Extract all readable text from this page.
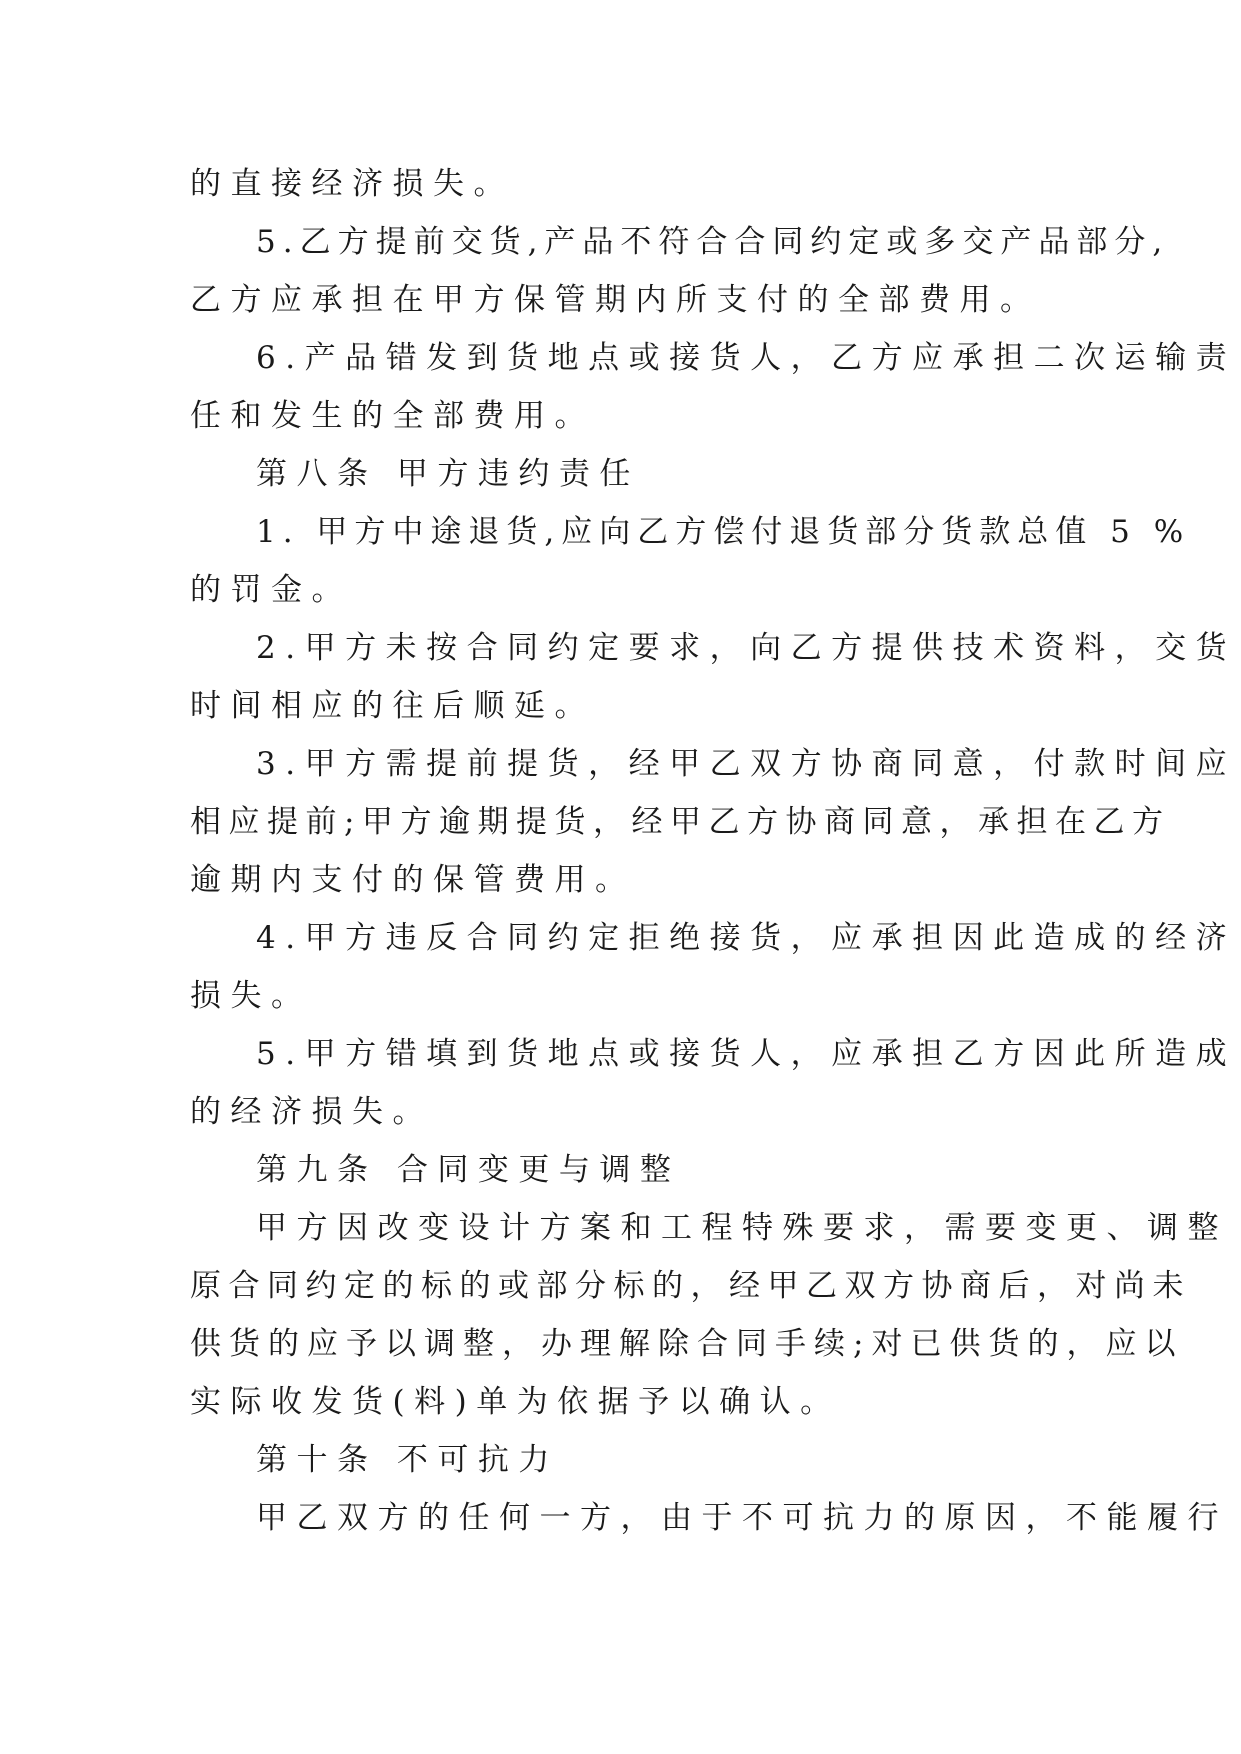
的直接经济损失。
5.乙方提前交货,产品不符合合同约定或多交产品部分,
乙方应承担在甲方保管期内所支付的全部费用。
6.产品错发到货地点或接货人，乙方应承担二次运输责
任和发生的全部费用。
第八条 甲方违约责任
1. 甲方中途退货,应向乙方偿付退货部分货款总值 5 %
的罚金。
2.甲方未按合同约定要求，向乙方提供技术资料，交货
时间相应的往后顺延。
3.甲方需提前提货，经甲乙双方协商同意，付款时间应
相应提前;甲方逾期提货，经甲乙方协商同意，承担在乙方
逾期内支付的保管费用。
4.甲方违反合同约定拒绝接货，应承担因此造成的经济
损失。
5.甲方错填到货地点或接货人，应承担乙方因此所造成
的经济损失。
第九条 合同变更与调整
甲方因改变设计方案和工程特殊要求，需要变更、调整
原合同约定的标的或部分标的，经甲乙双方协商后，对尚未
供货的应予以调整，办理解除合同手续;对已供货的，应以
实际收发货(料)单为依据予以确认。
第十条 不可抗力
甲乙双方的任何一方，由于不可抗力的原因，不能履行
